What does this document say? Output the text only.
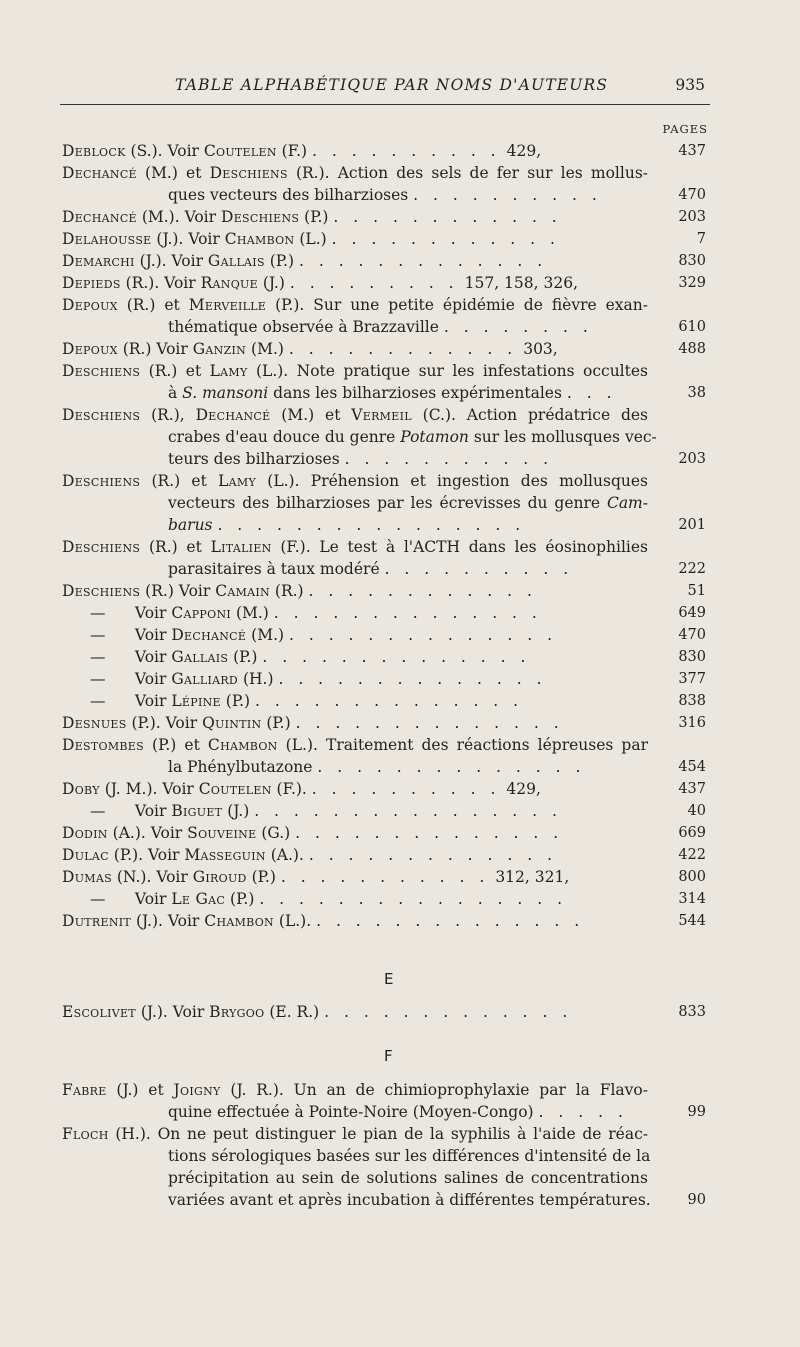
TABLE ALPHABÉTIQUE PAR NOMS D'AUTEURS	935
PAGES
Deblock (S.). Voir Coutelen (F.) . . . . . . . . . . 429,	437
Dechancé (M.) et Deschiens (R.). Action des sels de fer sur les mollus-
ques vecteurs des bilharzioses . . . . . . . . . .	470
Dechancé (M.). Voir Deschiens (P.) . . . . . . . . . . . .	203
Delahousse (J.). Voir Chambon (L.) . . . . . . . . . . . .	7
Demarchi (J.). Voir Gallais (P.) . . . . . . . . . . . . .	830
Depieds (R.). Voir Ranque (J.) . . . . . . . . . 157, 158, 326,	329
Depoux (R.) et Merveille (P.). Sur une petite épidémie de fièvre exan-
thématique observée à Brazzaville . . . . . . . .	610
Depoux (R.) Voir Ganzin (M.) . . . . . . . . . . . . 303,	488
Deschiens (R.) et Lamy (L.). Note pratique sur les infestations occultes
à S. mansoni dans les bilharzioses expérimentales . . .	38
Deschiens (R.), Dechancé (M.) et Vermeil (C.). Action prédatrice des
crabes d'eau douce du genre Potamon sur les mollusques vec-
teurs des bilharzioses . . . . . . . . . . .	203
Deschiens (R.) et Lamy (L.). Préhension et ingestion des mollusques
vecteurs des bilharzioses par les écrevisses du genre Cam-
barus . . . . . . . . . . . . . . . .	201
Deschiens (R.) et Litalien (F.). Le test à l'ACTH dans les éosinophilies
parasitaires à taux modéré . . . . . . . . . .	222
Deschiens (R.) Voir Camain (R.) . . . . . . . . . . . .	51
— Voir Capponi (M.) . . . . . . . . . . . . . .	649
— Voir Dechancé (M.) . . . . . . . . . . . . . .	470
— Voir Gallais (P.) . . . . . . . . . . . . . .	830
— Voir Galliard (H.) . . . . . . . . . . . . . .	377
— Voir Lépine (P.) . . . . . . . . . . . . . .	838
Desnues (P.). Voir Quintin (P.) . . . . . . . . . . . . . .	316
Destombes (P.) et Chambon (L.). Traitement des réactions lépreuses par
la Phénylbutazone . . . . . . . . . . . . . .	454
Doby (J. M.). Voir Coutelen (F.). . . . . . . . . . . 429,	437
— Voir Biguet (J.) . . . . . . . . . . . . . . . .	40
Dodin (A.). Voir Souveine (G.) . . . . . . . . . . . . . .	669
Dulac (P.). Voir Masseguin (A.). . . . . . . . . . . . . .	422
Dumas (N.). Voir Giroud (P.) . . . . . . . . . . . 312, 321,	800
— Voir Le Gac (P.) . . . . . . . . . . . . . . . .	314
Dutrenit (J.). Voir Chambon (L.). . . . . . . . . . . . . . .	544
E
Escolivet (J.). Voir Brygoo (E. R.) . . . . . . . . . . . . .	833
F
Fabre (J.) et Joigny (J. R.). Un an de chimioprophylaxie par la Flavo-
quine effectuée à Pointe-Noire (Moyen-Congo) . . . . .	99
Floch (H.). On ne peut distinguer le pian de la syphilis à l'aide de réac-
tions sérologiques basées sur les différences d'intensité de la
précipitation au sein de solutions salines de concentrations
variées avant et après incubation à différentes températures.	90
